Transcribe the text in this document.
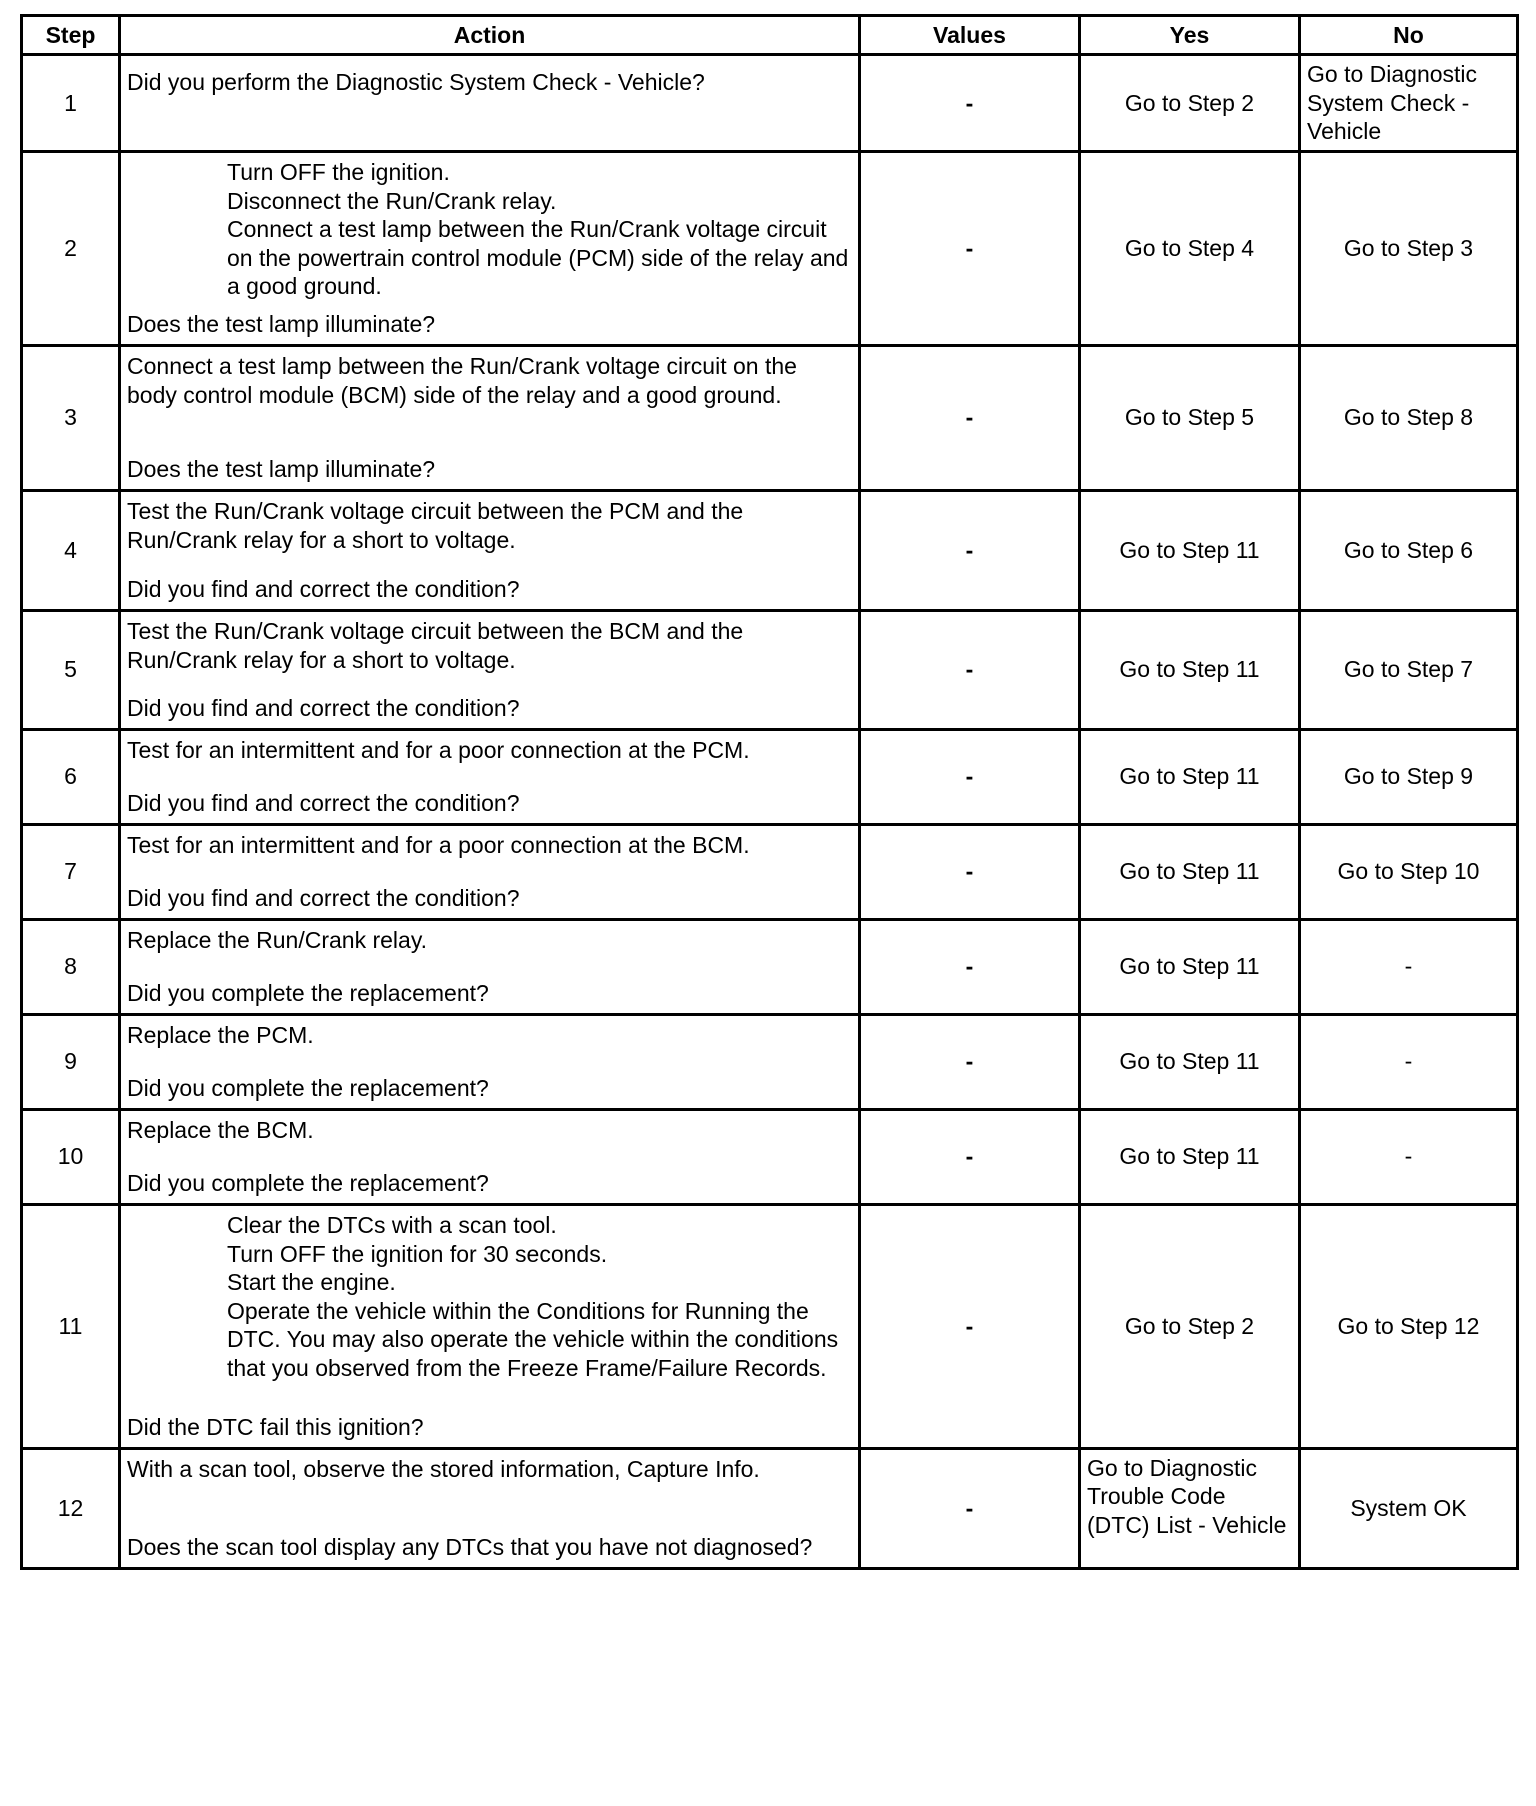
Step	Action	Values	Yes	No
1	Did you perform the Diagnostic System Check - Vehicle?	-	Go to Step 2	Go to Diagnostic System Check - Vehicle
2	Turn OFF the ignition.
Disconnect the Run/Crank relay.
Connect a test lamp between the Run/Crank voltage circuit on the powertrain control module (PCM) side of the relay and a good ground.
Does the test lamp illuminate?	-	Go to Step 4	Go to Step 3
3	Connect a test lamp between the Run/Crank voltage circuit on the body control module (BCM) side of the relay and a good ground.
Does the test lamp illuminate?	-	Go to Step 5	Go to Step 8
4	Test the Run/Crank voltage circuit between the PCM and the Run/Crank relay for a short to voltage.
Did you find and correct the condition?	-	Go to Step 11	Go to Step 6
5	Test the Run/Crank voltage circuit between the BCM and the Run/Crank relay for a short to voltage.
Did you find and correct the condition?	-	Go to Step 11	Go to Step 7
6	Test for an intermittent and for a poor connection at the PCM.
Did you find and correct the condition?	-	Go to Step 11	Go to Step 9
7	Test for an intermittent and for a poor connection at the BCM.
Did you find and correct the condition?	-	Go to Step 11	Go to Step 10
8	Replace the Run/Crank relay.
Did you complete the replacement?	-	Go to Step 11	-
9	Replace the PCM.
Did you complete the replacement?	-	Go to Step 11	-
10	Replace the BCM.
Did you complete the replacement?	-	Go to Step 11	-
11	Clear the DTCs with a scan tool.
Turn OFF the ignition for 30 seconds.
Start the engine.
Operate the vehicle within the Conditions for Running the DTC. You may also operate the vehicle within the conditions that you observed from the Freeze Frame/Failure Records.
Did the DTC fail this ignition?	-	Go to Step 2	Go to Step 12
12	With a scan tool, observe the stored information, Capture Info.
Does the scan tool display any DTCs that you have not diagnosed?	-	Go to Diagnostic Trouble Code (DTC) List - Vehicle	System OK
